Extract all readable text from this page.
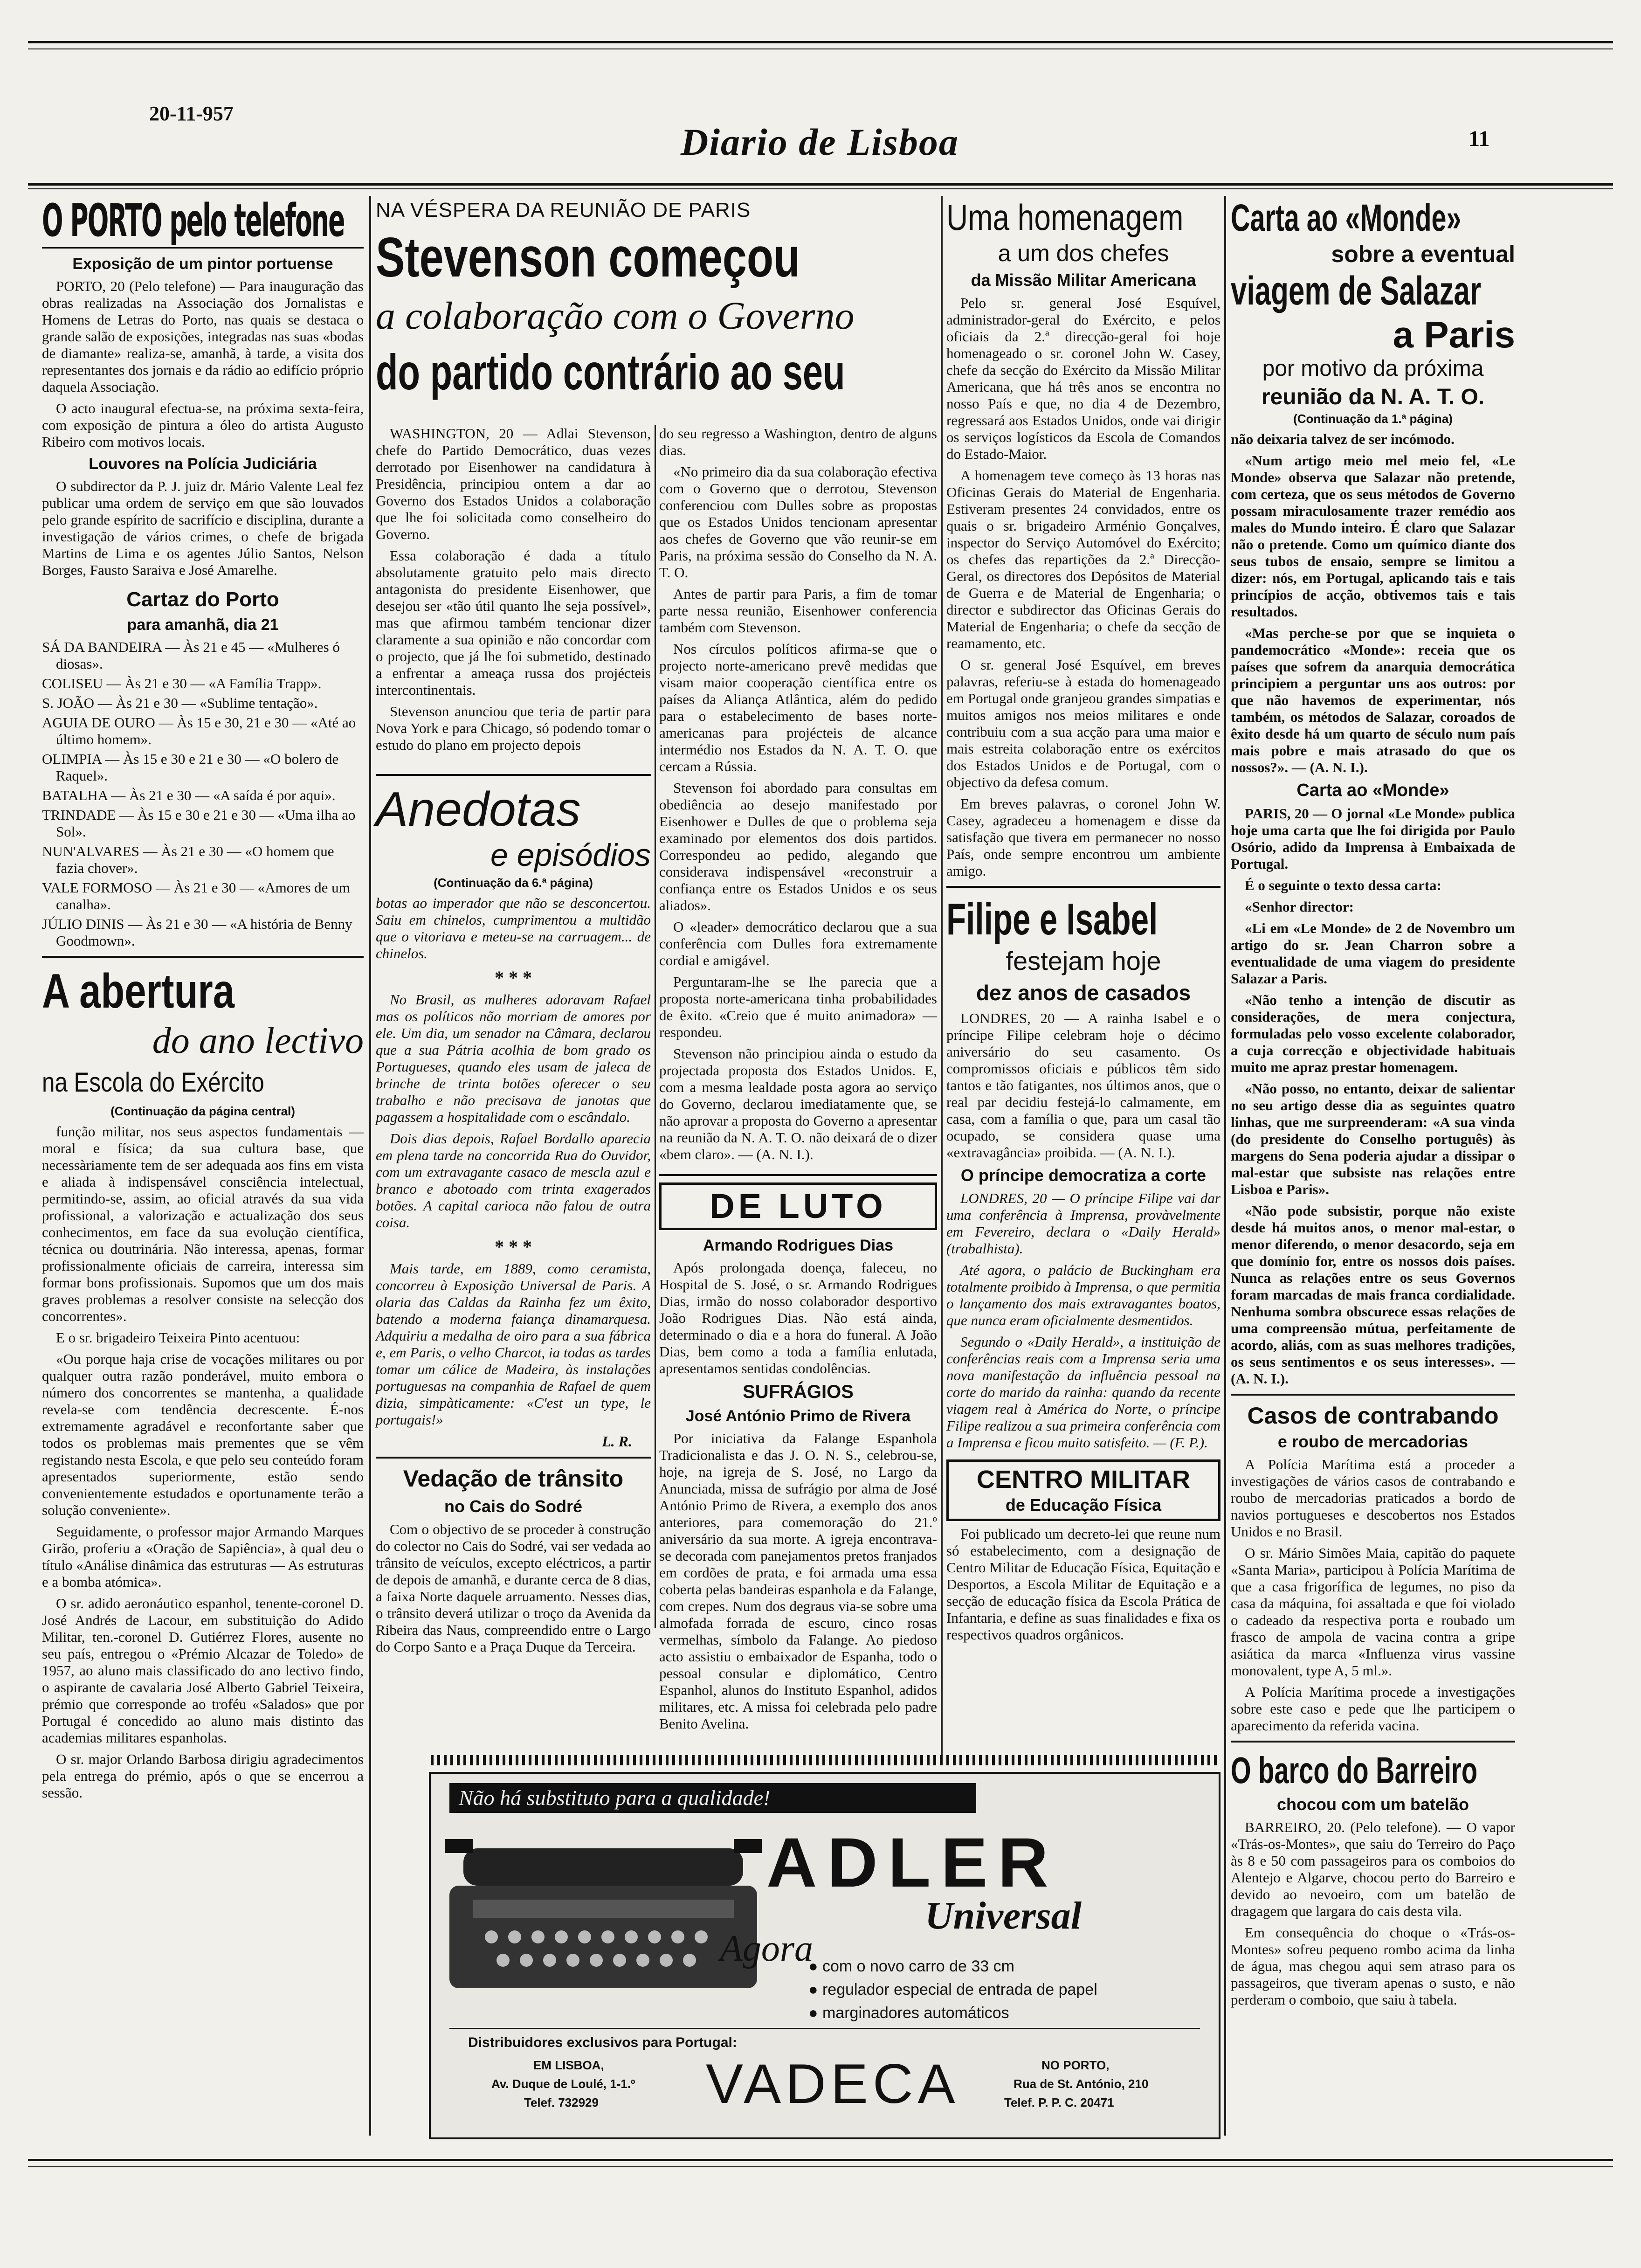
20-11-957
Diario de Lisboa	11
O PORTO pelo telefone
Exposição de um pintor portuense

PORTO, 20 (Pelo telefone) — Para inauguração das obras realizadas na Associação dos Jornalistas e Homens de Letras do Porto, nas quais se destaca o grande salão de exposições, integradas nas suas «bodas de diamante» realiza-se, amanhã, à tarde, a visita dos representantes dos jornais e da rádio ao edifício próprio daquela Associação.

O acto inaugural efectua-se, na próxima sexta-feira, com exposição de pintura a óleo do artista Augusto Ribeiro com motivos locais.

Louvores na Polícia Judiciária

O subdirector da P. J. juiz dr. Mário Valente Leal fez publicar uma ordem de serviço em que são louvados pelo grande espírito de sacrifício e disciplina, durante a investigação de vários crimes, o chefe de brigada Martins de Lima e os agentes Júlio Santos, Nelson Borges, Fausto Saraiva e José Amarelhe.

Cartaz do Porto
para amanhã, dia 21

SÁ DA BANDEIRA — Às 21 e 45 — «Mulheres ó diosas».

COLISEU — Às 21 e 30 — «A Família Trapp».

S. JOÃO — Às 21 e 30 — «Sublime tentação».

AGUIA DE OURO — Às 15 e 30, 21 e 30 — «Até ao último homem».

OLIMPIA — Às 15 e 30 e 21 e 30 — «O bolero de Raquel».

BATALHA — Às 21 e 30 — «A saída é por aqui».

TRINDADE — Às 15 e 30 e 21 e 30 — «Uma ilha ao Sol».

NUN'ALVARES — Às 21 e 30 — «O homem que fazia chover».

VALE FORMOSO — Às 21 e 30 — «Amores de um canalha».

JÚLIO DINIS — Às 21 e 30 — «A história de Benny Goodmown».

A abertura
do ano lectivo
na Escola do Exército
(Continuação da página central)

função militar, nos seus aspectos fundamentais — moral e física; da sua cultura base, que necessàriamente tem de ser adequada aos fins em vista e aliada à indispensável consciência intelectual, permitindo-se, assim, ao oficial através da sua vida profissional, a valorização e actualização dos seus conhecimentos, em face da sua evolução científica, técnica ou doutrinária. Não interessa, apenas, formar profissionalmente oficiais de carreira, interessa sim formar bons profissionais. Supomos que um dos mais graves problemas a resolver consiste na selecção dos concorrentes».

E o sr. brigadeiro Teixeira Pinto acentuou:

«Ou porque haja crise de vocações militares ou por qualquer outra razão ponderável, muito embora o número dos concorrentes se mantenha, a qualidade revela-se com tendência decrescente. É-nos extremamente agradável e reconfortante saber que todos os problemas mais prementes que se vêm registando nesta Escola, e que pelo seu conteúdo foram apresentados superiormente, estão sendo convenientemente estudados e oportunamente terão a solução conveniente».

Seguidamente, o professor major Armando Marques Girão, proferiu a «Oração de Sapiência», à qual deu o título «Análise dinâmica das estruturas — As estruturas e a bomba atómica».

O sr. adido aeronáutico espanhol, tenente-coronel D. José Andrés de Lacour, em substituição do Adido Militar, ten.-coronel D. Gutiérrez Flores, ausente no seu país, entregou o «Prémio Alcazar de Toledo» de 1957, ao aluno mais classificado do ano lectivo findo, o aspirante de cavalaria José Alberto Gabriel Teixeira, prémio que corresponde ao troféu «Salados» que por Portugal é concedido ao aluno mais distinto das academias militares espanholas.

O sr. major Orlando Barbosa dirigiu agradecimentos pela entrega do prémio, após o que se encerrou a sessão.

NA VÉSPERA DA REUNIÃO DE PARIS
Stevenson começou
a colaboração com o Governo
do partido contrário ao seu

WASHINGTON, 20 — Adlai Stevenson, chefe do Partido Democrático, duas vezes derrotado por Eisenhower na candidatura à Presidência, principiou ontem a dar ao Governo dos Estados Unidos a colaboração que lhe foi solicitada como conselheiro do Governo.

Essa colaboração é dada a título absolutamente gratuito pelo mais directo antagonista do presidente Eisenhower, que desejou ser «tão útil quanto lhe seja possível», mas que afirmou também tencionar dizer claramente a sua opinião e não concordar com o projecto, que já lhe foi submetido, destinado a enfrentar a ameaça russa dos projécteis intercontinentais.

Stevenson anunciou que teria de partir para Nova York e para Chicago, só podendo tomar o estudo do plano em projecto depois

do seu regresso a Washington, dentro de alguns dias.

«No primeiro dia da sua colaboração efectiva com o Governo que o derrotou, Stevenson conferenciou com Dulles sobre as propostas que os Estados Unidos tencionam apresentar aos chefes de Governo que vão reunir-se em Paris, na próxima sessão do Conselho da N. A. T. O.

Antes de partir para Paris, a fim de tomar parte nessa reunião, Eisenhower conferencia também com Stevenson.

Nos círculos políticos afirma-se que o projecto norte-americano prevê medidas que visam maior cooperação científica entre os países da Aliança Atlântica, além do pedido para o estabelecimento de bases norte-americanas para projécteis de alcance intermédio nos Estados da N. A. T. O. que cercam a Rússia.

Stevenson foi abordado para consultas em obediência ao desejo manifestado por Eisenhower e Dulles de que o problema seja examinado por elementos dos dois partidos. Correspondeu ao pedido, alegando que considerava indispensável «reconstruir a confiança entre os Estados Unidos e os seus aliados».

O «leader» democrático declarou que a sua conferência com Dulles fora extremamente cordial e amigável.

Perguntaram-lhe se lhe parecia que a proposta norte-americana tinha probabilidades de êxito. «Creio que é muito animadora» — respondeu.

Stevenson não principiou ainda o estudo da projectada proposta dos Estados Unidos. E, com a mesma lealdade posta agora ao serviço do Governo, declarou imediatamente que, se não aprovar a proposta do Governo a apresentar na reunião da N. A. T. O. não deixará de o dizer «bem claro». — (A. N. I.).

DE LUTO
Armando Rodrigues Dias

Após prolongada doença, faleceu, no Hospital de S. José, o sr. Armando Rodrigues Dias, irmão do nosso colaborador desportivo João Rodrigues Dias. Não está ainda, determinado o dia e a hora do funeral. A João Dias, bem como a toda a família enlutada, apresentamos sentidas condolências.

SUFRÁGIOS
José António Primo de Rivera

Por iniciativa da Falange Espanhola Tradicionalista e das J. O. N. S., celebrou-se, hoje, na igreja de S. José, no Largo da Anunciada, missa de sufrágio por alma de José António Primo de Rivera, a exemplo dos anos anteriores, para comemoração do 21.º aniversário da sua morte. A igreja encontrava-se decorada com panejamentos pretos franjados em cordões de prata, e foi armada uma essa coberta pelas bandeiras espanhola e da Falange, com crepes. Num dos degraus via-se sobre uma almofada forrada de escuro, cinco rosas vermelhas, símbolo da Falange. Ao piedoso acto assistiu o embaixador de Espanha, todo o pessoal consular e diplomático, Centro Espanhol, alunos do Instituto Espanhol, adidos militares, etc. A missa foi celebrada pelo padre Benito Avelina.

Anedotas
e episódios
(Continuação da 6.ª página)

botas ao imperador que não se desconcertou. Saiu em chinelos, cumprimentou a multidão que o vitoriava e meteu-se na carruagem... de chinelos.

* * *

No Brasil, as mulheres adoravam Rafael mas os políticos não morriam de amores por ele. Um dia, um senador na Câmara, declarou que a sua Pátria acolhia de bom grado os Portugueses, quando eles usam de jaleca de brinche de trinta botões oferecer o seu trabalho e não precisava de janotas que pagassem a hospitalidade com o escândalo.

Dois dias depois, Rafael Bordallo aparecia em plena tarde na concorrida Rua do Ouvidor, com um extravagante casaco de mescla azul e branco e abotoado com trinta exagerados botões. A capital carioca não falou de outra coisa.

* * *

Mais tarde, em 1889, como ceramista, concorreu à Exposição Universal de Paris. A olaria das Caldas da Rainha fez um êxito, batendo a moderna faiança dinamarquesa. Adquiriu a medalha de oiro para a sua fábrica e, em Paris, o velho Charcot, ia todas as tardes tomar um cálice de Madeira, às instalações portuguesas na companhia de Rafael de quem dizia, simpàticamente: «C'est un type, le portugais!»

L. R.
Vedação de trânsito
no Cais do Sodré

Com o objectivo de se proceder à construção do colector no Cais do Sodré, vai ser vedada ao trânsito de veículos, excepto eléctricos, a partir de depois de amanhã, e durante cerca de 8 dias, a faixa Norte daquele arruamento. Nesses dias, o trânsito deverá utilizar o troço da Avenida da Ribeira das Naus, compreendido entre o Largo do Corpo Santo e a Praça Duque da Terceira.

Uma homenagem
a um dos chefes
da Missão Militar Americana

Pelo sr. general José Esquível, administrador-geral do Exército, e pelos oficiais da 2.ª direcção-geral foi hoje homenageado o sr. coronel John W. Casey, chefe da secção do Exército da Missão Militar Americana, que há três anos se encontra no nosso País e que, no dia 4 de Dezembro, regressará aos Estados Unidos, onde vai dirigir os serviços logísticos da Escola de Comandos do Estado-Maior.

A homenagem teve começo às 13 horas nas Oficinas Gerais do Material de Engenharia. Estiveram presentes 24 convidados, entre os quais o sr. brigadeiro Arménio Gonçalves, inspector do Serviço Automóvel do Exército; os chefes das repartições da 2.ª Direcção-Geral, os directores dos Depósitos de Material de Guerra e de Material de Engenharia; o director e subdirector das Oficinas Gerais do Material de Engenharia; o chefe da secção de reamamento, etc.

O sr. general José Esquível, em breves palavras, referiu-se à estada do homenageado em Portugal onde granjeou grandes simpatias e muitos amigos nos meios militares e onde contribuiu com a sua acção para uma maior e mais estreita colaboração entre os exércitos dos Estados Unidos e de Portugal, com o objectivo da defesa comum.

Em breves palavras, o coronel John W. Casey, agradeceu a homenagem e disse da satisfação que tivera em permanecer no nosso País, onde sempre encontrou um ambiente amigo.

Filipe e Isabel
festejam hoje
dez anos de casados

LONDRES, 20 — A rainha Isabel e o príncipe Filipe celebram hoje o décimo aniversário do seu casamento. Os compromissos oficiais e públicos têm sido tantos e tão fatigantes, nos últimos anos, que o real par decidiu festejá-lo calmamente, em casa, com a família o que, para um casal tão ocupado, se considera quase uma «extravagância» proibida. — (A. N. I.).

O príncipe democratiza a corte

LONDRES, 20 — O príncipe Filipe vai dar uma conferência à Imprensa, provàvelmente em Fevereiro, declara o «Daily Herald» (trabalhista).

Até agora, o palácio de Buckingham era totalmente proibido à Imprensa, o que permitia o lançamento dos mais extravagantes boatos, que nunca eram oficialmente desmentidos.

Segundo o «Daily Herald», a instituição de conferências reais com a Imprensa seria uma nova manifestação da influência pessoal na corte do marido da rainha: quando da recente viagem real à América do Norte, o príncipe Filipe realizou a sua primeira conferência com a Imprensa e ficou muito satisfeito. — (F. P.).

CENTRO MILITAR
de Educação Física

Foi publicado um decreto-lei que reune num só estabelecimento, com a designação de Centro Militar de Educação Física, Equitação e Desportos, a Escola Militar de Equitação e a secção de educação física da Escola Prática de Infantaria, e define as suas finalidades e fixa os respectivos quadros orgânicos.

Carta ao «Monde»
sobre a eventual
viagem de Salazar
a Paris
por motivo da próxima
reunião da N. A. T. O.
(Continuação da 1.ª página)

não deixaria talvez de ser incómodo.

«Num artigo meio mel meio fel, «Le Monde» observa que Salazar não pretende, com certeza, que os seus métodos de Governo possam miraculosamente trazer remédio aos males do Mundo inteiro. É claro que Salazar não o pretende. Como um químico diante dos seus tubos de ensaio, sempre se limitou a dizer: nós, em Portugal, aplicando tais e tais princípios de acção, obtivemos tais e tais resultados.

«Mas perche-se por que se inquieta o pandemocrático «Monde»: receia que os países que sofrem da anarquia democrática principiem a perguntar uns aos outros: por que não havemos de experimentar, nós também, os métodos de Salazar, coroados de êxito desde há um quarto de século num país mais pobre e mais atrasado do que os nossos?». — (A. N. I.).

Carta ao «Monde»

PARIS, 20 — O jornal «Le Monde» publica hoje uma carta que lhe foi dirigida por Paulo Osório, adido da Imprensa à Embaixada de Portugal.

É o seguinte o texto dessa carta:

«Senhor director:

«Li em «Le Monde» de 2 de Novembro um artigo do sr. Jean Charron sobre a eventualidade de uma viagem do presidente Salazar a Paris.

«Não tenho a intenção de discutir as considerações, de mera conjectura, formuladas pelo vosso excelente colaborador, a cuja correcção e objectividade habituais muito me apraz prestar homenagem.

«Não posso, no entanto, deixar de salientar no seu artigo desse dia as seguintes quatro linhas, que me surpreenderam: «A sua vinda (do presidente do Conselho português) às margens do Sena poderia ajudar a dissipar o mal-estar que subsiste nas relações entre Lisboa e Paris».

«Não pode subsistir, porque não existe desde há muitos anos, o menor mal-estar, o menor diferendo, o menor desacordo, seja em que domínio for, entre os nossos dois países. Nunca as relações entre os seus Governos foram marcadas de mais franca cordialidade. Nenhuma sombra obscurece essas relações de uma compreensão mútua, perfeitamente de acordo, aliás, com as suas melhores tradições, os seus sentimentos e os seus interesses». — (A. N. I.).

Casos de contrabando
e roubo de mercadorias

A Polícia Marítima está a proceder a investigações de vários casos de contrabando e roubo de mercadorias praticados a bordo de navios portugueses e descobertos nos Estados Unidos e no Brasil.

O sr. Mário Simões Maia, capitão do paquete «Santa Maria», participou à Polícia Marítima de que a casa frigorífica de legumes, no piso da casa da máquina, foi assaltada e que foi violado o cadeado da respectiva porta e roubado um frasco de ampola de vacina contra a gripe asiática da marca «Influenza virus vassine monovalent, type A, 5 ml.».

A Polícia Marítima procede a investigações sobre este caso e pede que lhe participem o aparecimento da referida vacina.

O barco do Barreiro
chocou com um batelão

BARREIRO, 20. (Pelo telefone). — O vapor «Trás-os-Montes», que saiu do Terreiro do Paço às 8 e 50 com passageiros para os comboios do Alentejo e Algarve, chocou perto do Barreiro e devido ao nevoeiro, com um batelão de dragagem que largara do cais desta vila.

Em consequência do choque o «Trás-os-Montes» sofreu pequeno rombo acima da linha de água, mas chegou aqui sem atraso para os passageiros, que tiveram apenas o susto, e não perderam o comboio, que saiu à tabela.

Não há substituto para a qualidade!
ADLER
Universal
Agora
● com o novo carro de 33 cm
● regulador especial de entrada de papel
● marginadores automáticos
Distribuidores exclusivos para Portugal:
EM LISBOA,
Av. Duque de Loulé, 1-1.º
Telef. 732929 VADECA	NO PORTO,
Rua de St. António, 210
Telef. P. P. C. 20471
